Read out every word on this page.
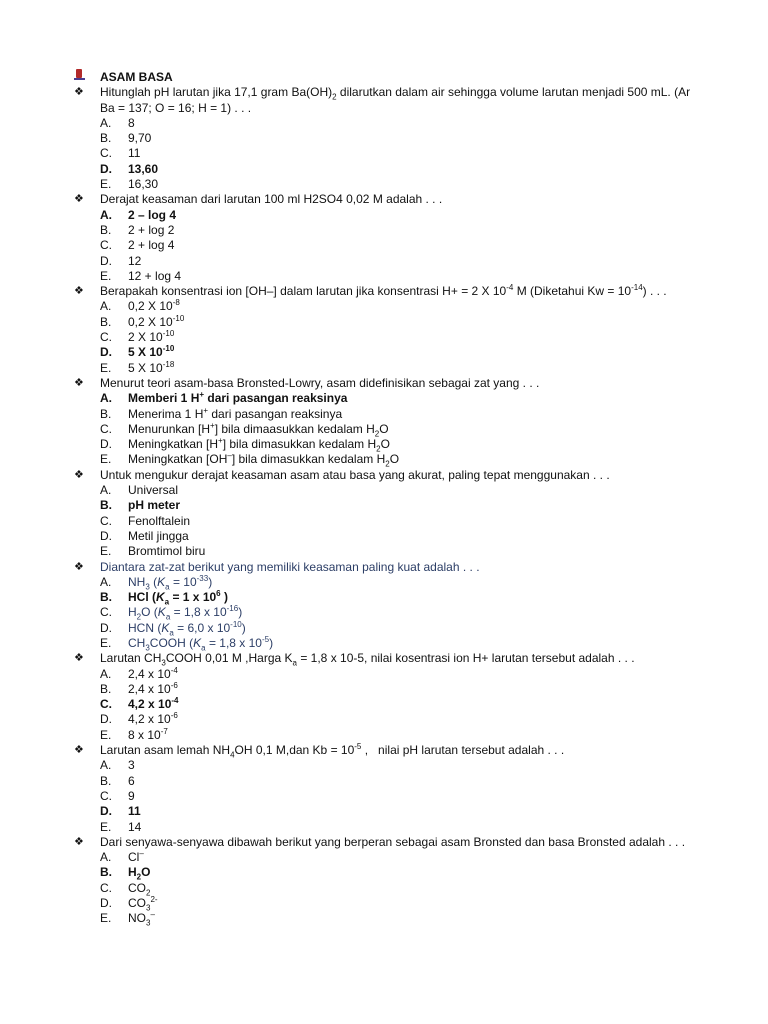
ASAM BASA
❖	Hitunglah pH larutan jika 17,1 gram $Ba(OH)_2$ dilarutkan dalam air sehingga volume larutan menjadi 500 mL. (Ar Ba = 137; O = 16; H = 1) . . .
A.	8
B.	9,70
C.	11
D.	13,60
E.	16,30
❖	Derajat keasaman dari larutan 100 ml H2SO4 0,02 M adalah . . .
A.	2 – log 4
B.	2 + log 2
C.	2 + log 4
D.	12
E.	12 + log 4
❖	Berapakah konsentrasi ion [OH–] dalam larutan jika konsentrasi H+ = 2 X $10^{-4}$ M (Diketahui $Kw = 10^{-14}$) . . .
A.	0,2 X $10^{-8}$
B.	0,2 X $10^{-10}$
C.	2 X $10^{-10}$
D.	5 X $10^{-10}$
E.	5 X $10^{-18}$
❖	Menurut teori asam-basa Bronsted-Lowry, asam didefinisikan sebagai zat yang . . .
A.	Memberi 1 H+ dari pasangan reaksinya
B.	Menerima 1 H+ dari pasangan reaksinya
C.	Menurunkan [H+] bila dimaasukkan kedalam $H_2O$
D.	Meningkatkan [H+] bila dimasukkan kedalam $H_2O$
E.	Meningkatkan [OH–] bila dimasukkan kedalam $H_2O$
❖	Untuk mengukur derajat keasaman asam atau basa yang akurat, paling tepat menggunakan . . .
A.	Universal
B.	pH meter
C.	Fenolftalein
D.	Metil jingga
E.	Bromtimol biru
❖	Diantara zat-zat berikut yang memiliki keasaman paling kuat adalah . . .
A.	$NH_3$ $(K_a = 10^{-33})$
B.	HCl ($K_a = 1$ x $10^6$ )
C.	$H_2O$ ($K_a = 1,8$ x $10^{-16}$)
D.	HCN ($K_a = 6,0$ x $10^{-10}$)
E.	$CH_3COOH$ ($K_a = 1,8$ x $10^{-5}$)
❖	Larutan $CH_3COOH$ 0,01 M ,Harga $K_a = 1,8$ x 10-5, nilai kosentrasi ion H+ larutan tersebut adalah . . .
A.	2,4 x $10^{-4}$
B.	2,4 x $10^{-6}$
C.	4,2 x $10^{-4}$
D.	4,2 x $10^{-6}$
E.	8 x $10^{-7}$
❖	Larutan asam lemah $NH_4OH$ 0,1 M,dan $Kb = 10^{-5}$ ,   nilai pH larutan tersebut adalah . . .
A.	3
B.	6
C.	9
D.	11
E.	14
❖	Dari senyawa-senyawa dibawah berikut yang berperan sebagai asam Bronsted dan basa Bronsted adalah . . .
A.	Cl–
B.	$H_2O$
C.	$CO_2$
D.	$CO_3^{2-}$
E.	$NO_3^-$
